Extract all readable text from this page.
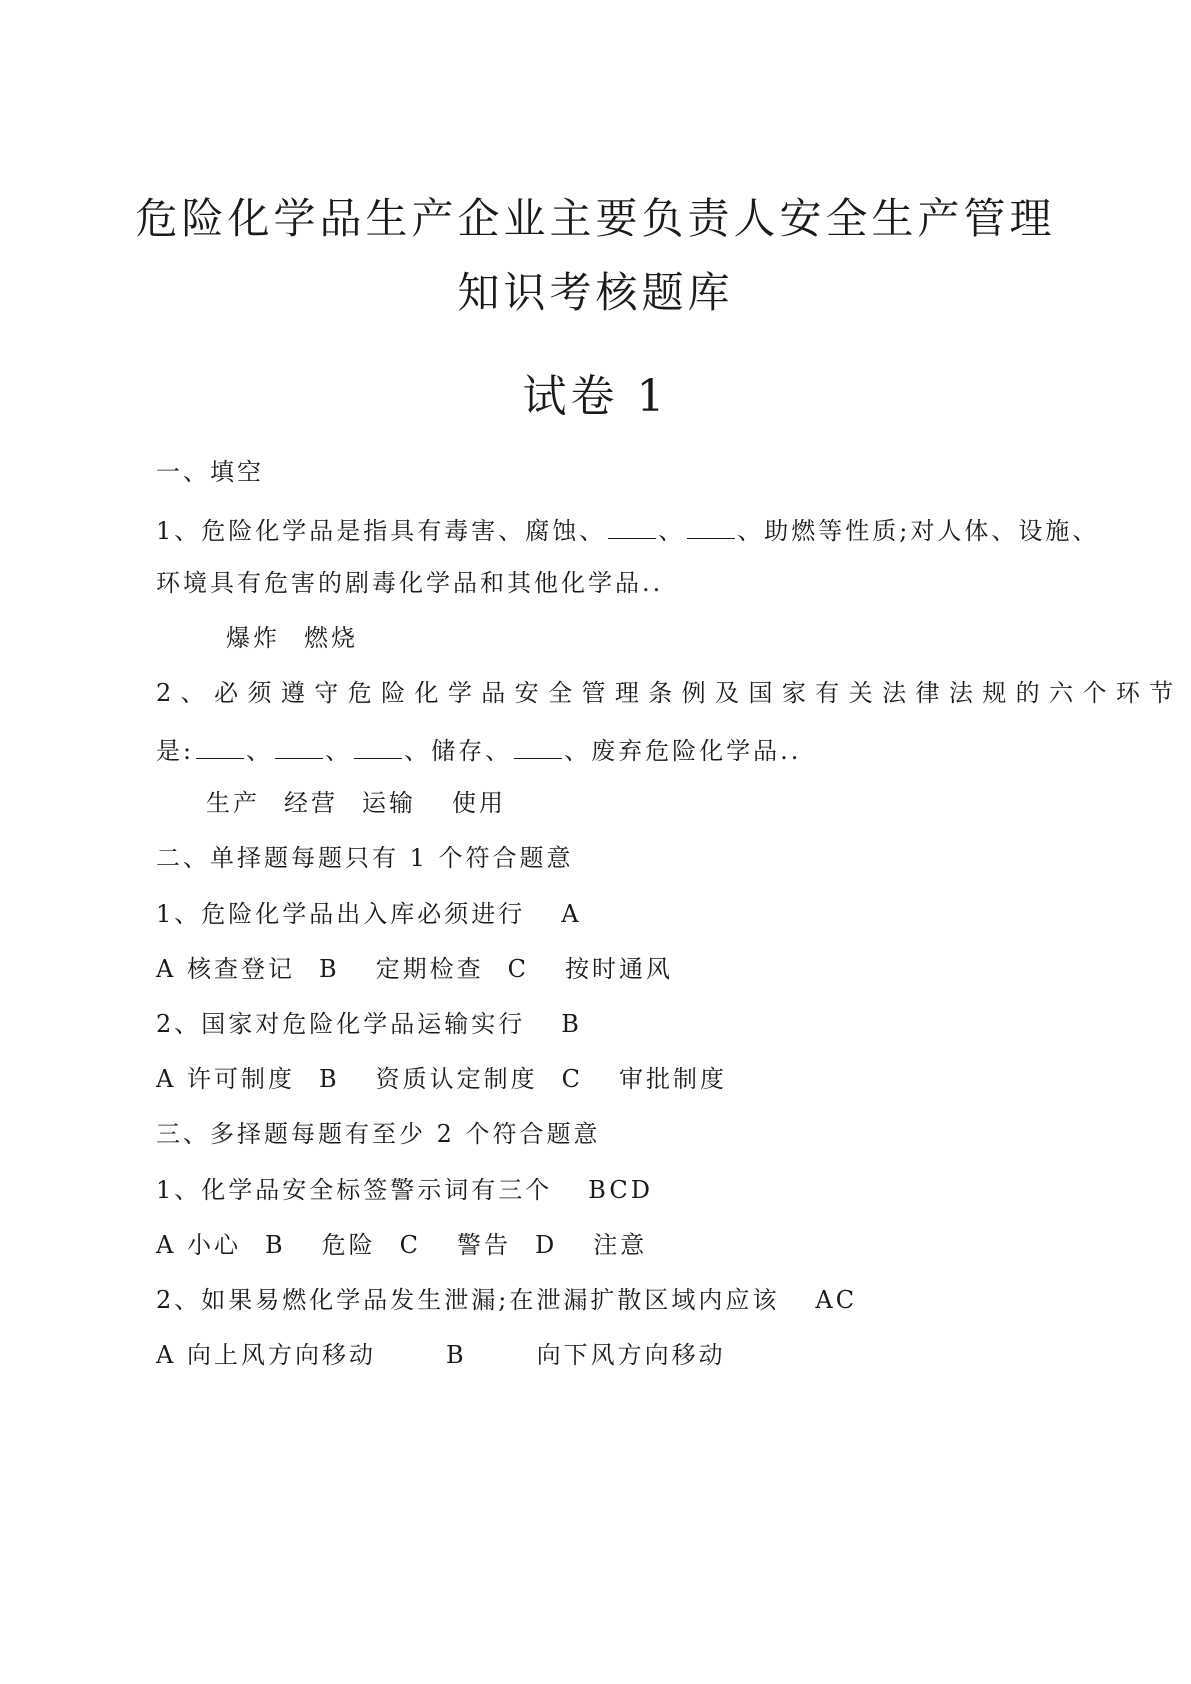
危险化学品生产企业主要负责人安全生产管理
知识考核题库
试卷 1
一、填空
1、危险化学品是指具有毒害、腐蚀、 、 、助燃等性质;对人体、设施、
环境具有危害的剧毒化学品和其他化学品..
爆炸 燃烧
2、必须遵守危险化学品安全管理条例及国家有关法律法规的六个环节
是: 、 、 、储存、 、废弃危险化学品..
生产 经营 运输 使用
二、单择题每题只有 1 个符合题意
1、危险化学品出入库必须进行 A
A 核查登记 B 定期检查 C 按时通风
2、国家对危险化学品运输实行 B
A 许可制度 B 资质认定制度 C 审批制度
三、多择题每题有至少 2 个符合题意
1、化学品安全标签警示词有三个 BCD
A 小心 B 危险 C 警告 D 注意
2、如果易燃化学品发生泄漏;在泄漏扩散区域内应该 AC
A 向上风方向移动	B	向下风方向移动
